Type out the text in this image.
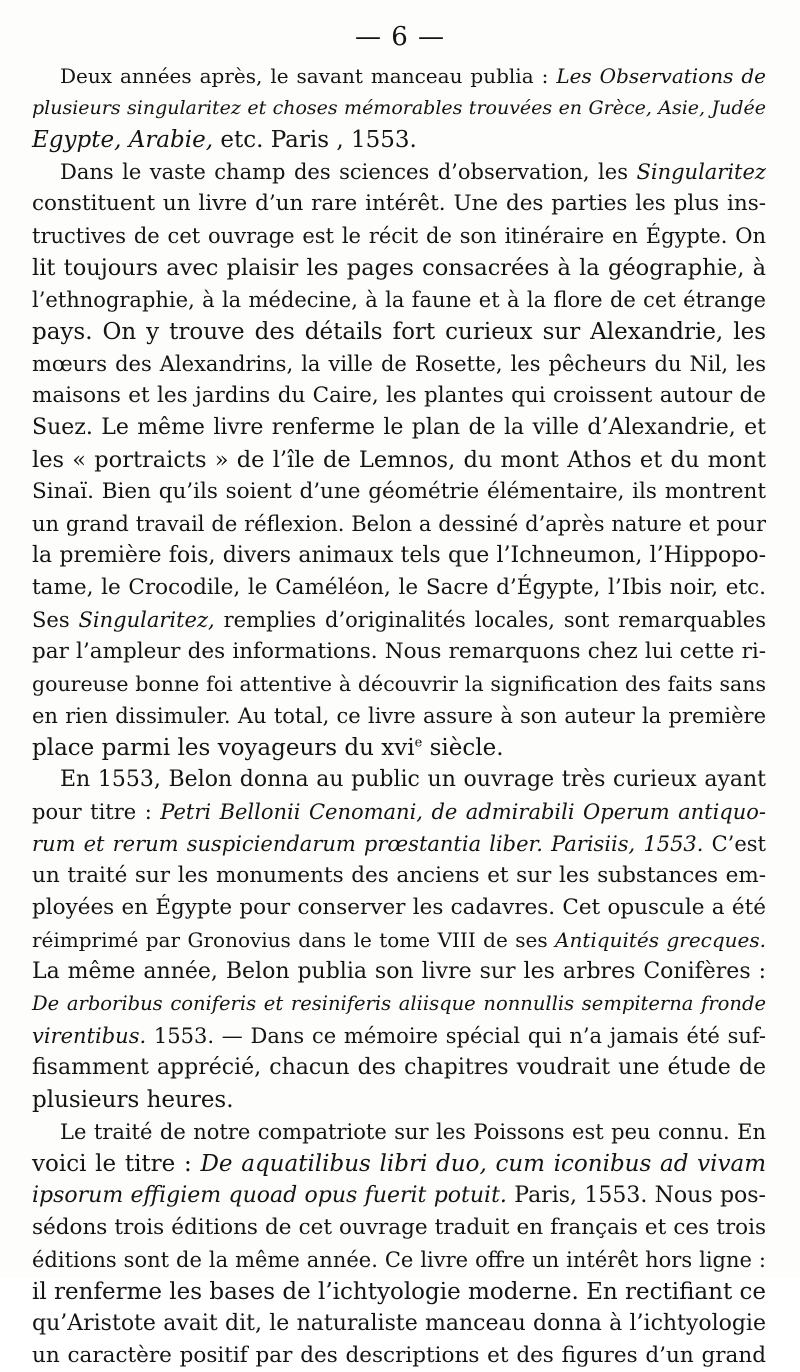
— 6 —
Deux années après, le savant manceau publia : Les Observations de
plusieurs singularitez et choses mémorables trouvées en Grèce, Asie, Judée
Egypte, Arabie, etc. Paris , 1553.
Dans le vaste champ des sciences d’observation, les Singularitez
constituent un livre d’un rare intérêt. Une des parties les plus ins-
tructives de cet ouvrage est le récit de son itinéraire en Égypte. On
lit toujours avec plaisir les pages consacrées à la géographie, à
l’ethnographie, à la médecine, à la faune et à la flore de cet étrange
pays. On y trouve des détails fort curieux sur Alexandrie, les
mœurs des Alexandrins, la ville de Rosette, les pêcheurs du Nil, les
maisons et les jardins du Caire, les plantes qui croissent autour de
Suez. Le même livre renferme le plan de la ville d’Alexandrie, et
les « portraicts » de l’île de Lemnos, du mont Athos et du mont
Sinaï. Bien qu’ils soient d’une géométrie élémentaire, ils montrent
un grand travail de réflexion. Belon a dessiné d’après nature et pour
la première fois, divers animaux tels que l’Ichneumon, l’Hippopo-
tame, le Crocodile, le Caméléon, le Sacre d’Égypte, l’Ibis noir, etc.
Ses Singularitez, remplies d’originalités locales, sont remarquables
par l’ampleur des informations. Nous remarquons chez lui cette ri-
goureuse bonne foi attentive à découvrir la signification des faits sans
en rien dissimuler. Au total, ce livre assure à son auteur la première
place parmi les voyageurs du xvi$^e$ siècle.
En 1553, Belon donna au public un ouvrage très curieux ayant
pour titre : Petri Bellonii Cenomani, de admirabili Operum antiquo-
rum et rerum suspiciendarum prœstantia liber. Parisiis, 1553. C’est
un traité sur les monuments des anciens et sur les substances em-
ployées en Égypte pour conserver les cadavres. Cet opuscule a été
réimprimé par Gronovius dans le tome VIII de ses Antiquités grecques.
La même année, Belon publia son livre sur les arbres Conifères :
De arboribus coniferis et resiniferis aliisque nonnullis sempiterna fronde
virentibus. 1553. — Dans ce mémoire spécial qui n’a jamais été suf-
fisamment apprécié, chacun des chapitres voudrait une étude de
plusieurs heures.
Le traité de notre compatriote sur les Poissons est peu connu. En
voici le titre : De aquatilibus libri duo, cum iconibus ad vivam
ipsorum effigiem quoad opus fuerit potuit. Paris, 1553. Nous pos-
sédons trois éditions de cet ouvrage traduit en français et ces trois
éditions sont de la même année. Ce livre offre un intérêt hors ligne :
il renferme les bases de l’ichtyologie moderne. En rectifiant ce
qu’Aristote avait dit, le naturaliste manceau donna à l’ichtyologie
un caractère positif par des descriptions et des figures d’un grand
